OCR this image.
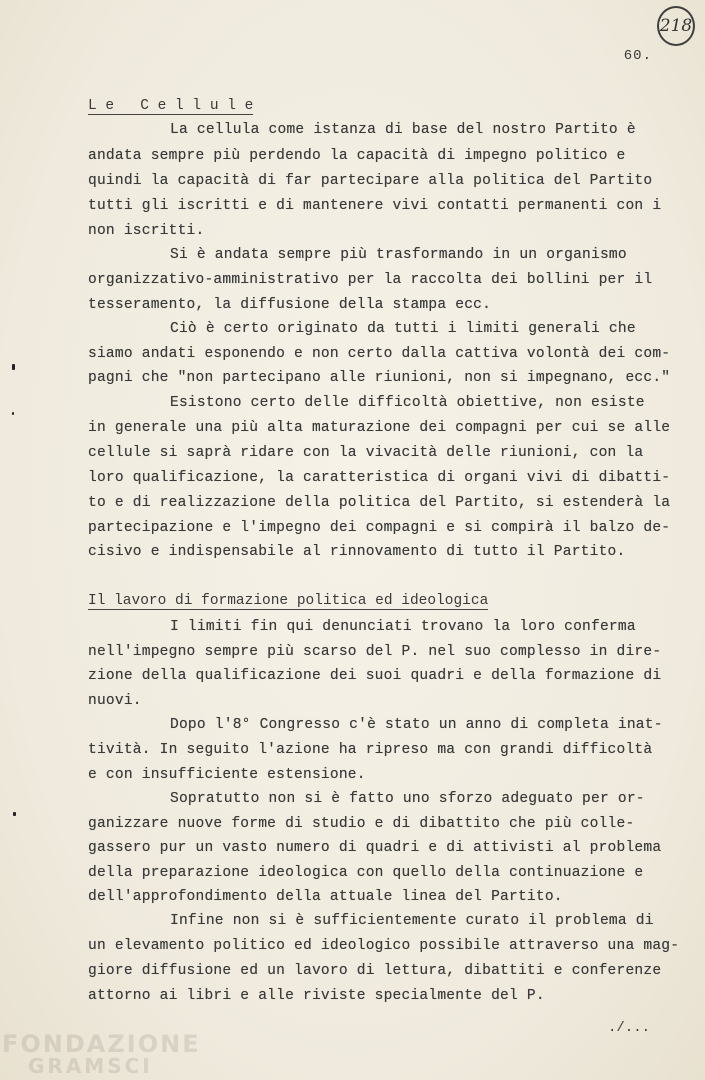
218
60.
L e   C e l l u l e
La cellula come istanza di base del nostro Partito è
andata sempre più perdendo la capacità di impegno politico e
quindi la capacità di far partecipare alla politica del Partito
tutti gli iscritti e di mantenere vivi contatti permanenti con i
non iscritti.
Si è andata sempre più trasformando in un organismo
organizzativo-amministrativo per la raccolta dei bollini per il
tesseramento, la diffusione della stampa ecc.
Ciò è certo originato da tutti i limiti generali che
siamo andati esponendo e non certo dalla cattiva volontà dei com-
pagni che "non partecipano alle riunioni, non si impegnano, ecc."
Esistono certo delle difficoltà obiettive, non esiste
in generale una più alta maturazione dei compagni per cui se alle
cellule si saprà ridare con la vivacità delle riunioni, con la
loro qualificazione, la caratteristica di organi vivi di dibatti-
to e di realizzazione della politica del Partito, si estenderà la
partecipazione e l'impegno dei compagni e si compirà il balzo de-
cisivo e indispensabile al rinnovamento di tutto il Partito.
Il lavoro di formazione politica ed ideologica
I limiti fin qui denunciati trovano la loro conferma
nell'impegno sempre più scarso del P. nel suo complesso in dire-
zione della qualificazione dei suoi quadri e della formazione di
nuovi.
Dopo l'8° Congresso c'è stato un anno di completa inat-
tività. In seguito l'azione ha ripreso ma con grandi difficoltà
e con insufficiente estensione.
Sopratutto non si è fatto uno sforzo adeguato per or-
ganizzare nuove forme di studio e di dibattito che più colle-
gassero pur un vasto numero di quadri e di attivisti al problema
della preparazione ideologica con quello della continuazione e
dell'approfondimento della attuale linea del Partito.
Infine non si è sufficientemente curato il problema di
un elevamento politico ed ideologico possibile attraverso una mag-
giore diffusione ed un lavoro di lettura, dibattiti e conferenze
attorno ai libri e alle riviste specialmente del P.
./...
FONDAZIONE
GRAMSCI
